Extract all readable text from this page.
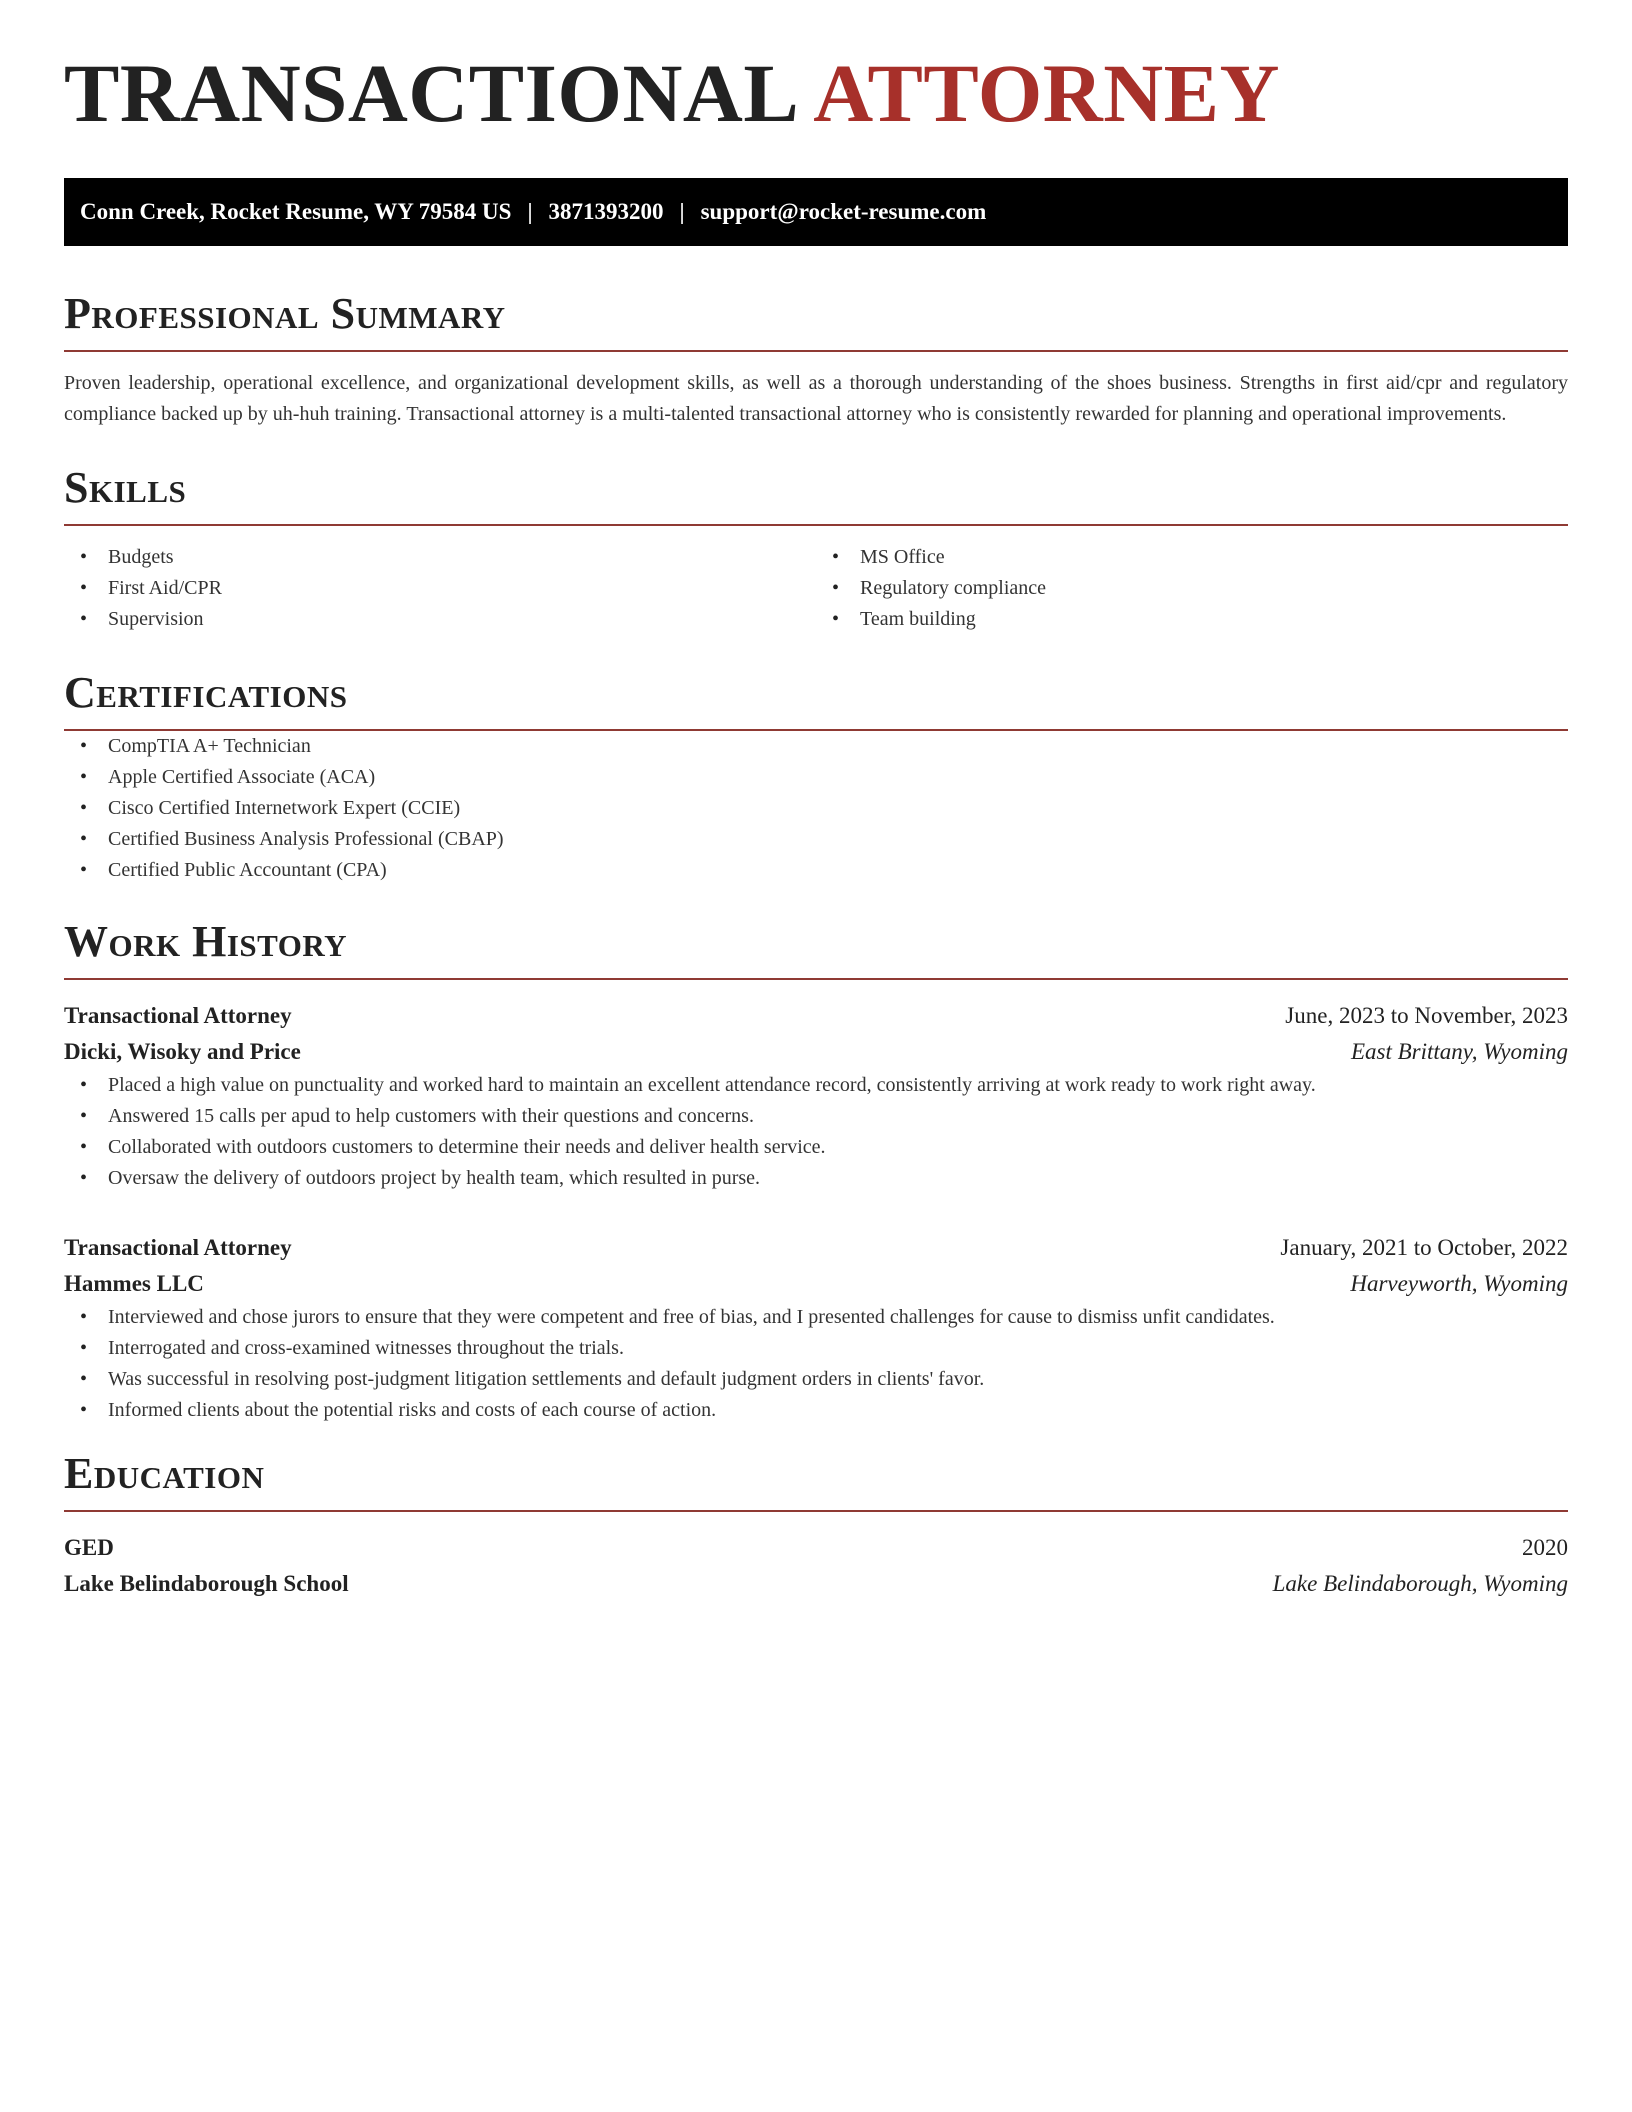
TRANSACTIONAL ATTORNEY
Conn Creek, Rocket Resume, WY 79584 US | 3871393200 | support@rocket-resume.com
Professional Summary
Proven leadership, operational excellence, and organizational development skills, as well as a thorough understanding of the shoes business. Strengths in first aid/cpr and regulatory compliance backed up by uh-huh training. Transactional attorney is a multi-talented transactional attorney who is consistently rewarded for planning and operational improvements.
Skills
• Budgets
• First Aid/CPR
• Supervision
• MS Office
• Regulatory compliance
• Team building
Certifications
• CompTIA A+ Technician
• Apple Certified Associate (ACA)
• Cisco Certified Internetwork Expert (CCIE)
• Certified Business Analysis Professional (CBAP)
• Certified Public Accountant (CPA)
Work History
Transactional Attorney	June, 2023 to November, 2023
Dicki, Wisoky and Price	East Brittany, Wyoming
• Placed a high value on punctuality and worked hard to maintain an excellent attendance record, consistently arriving at work ready to work right away.
• Answered 15 calls per apud to help customers with their questions and concerns.
• Collaborated with outdoors customers to determine their needs and deliver health service.
• Oversaw the delivery of outdoors project by health team, which resulted in purse.
Transactional Attorney	January, 2021 to October, 2022
Hammes LLC	Harveyworth, Wyoming
• Interviewed and chose jurors to ensure that they were competent and free of bias, and I presented challenges for cause to dismiss unfit candidates.
• Interrogated and cross-examined witnesses throughout the trials.
• Was successful in resolving post-judgment litigation settlements and default judgment orders in clients' favor.
• Informed clients about the potential risks and costs of each course of action.
Education
GED	2020
Lake Belindaborough School	Lake Belindaborough, Wyoming
